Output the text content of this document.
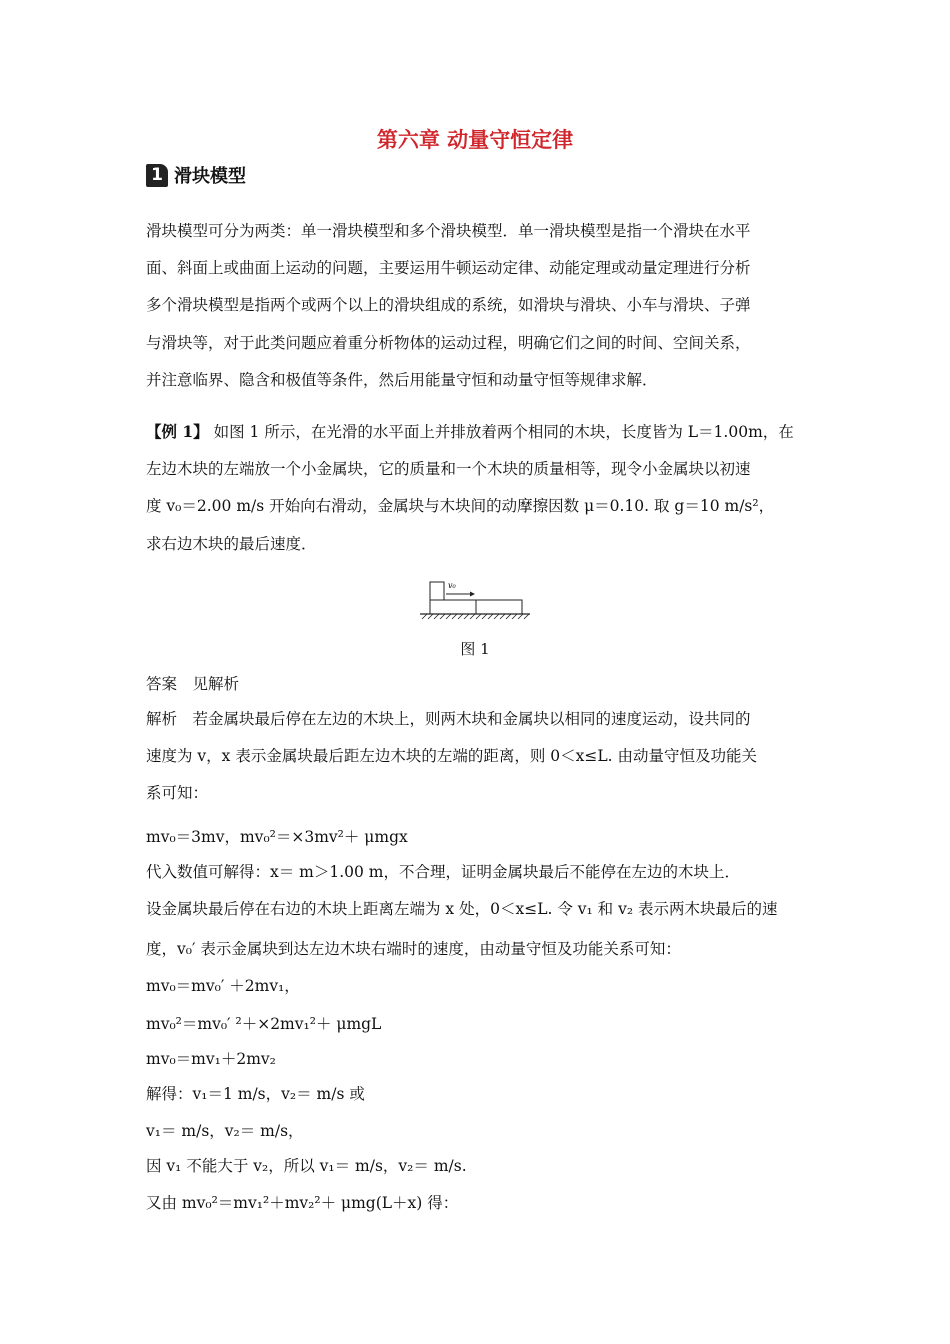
第六章 动量守恒定律
1 滑块模型
滑块模型可分为两类：单一滑块模型和多个滑块模型．单一滑块模型是指一个滑块在水平
面、斜面上或曲面上运动的问题，主要运用牛顿运动定律、动能定理或动量定理进行分析
多个滑块模型是指两个或两个以上的滑块组成的系统，如滑块与滑块、小车与滑块、子弹
与滑块等，对于此类问题应着重分析物体的运动过程，明确它们之间的时间、空间关系，
并注意临界、隐含和极值等条件，然后用能量守恒和动量守恒等规律求解．
【例 1】 如图 1 所示，在光滑的水平面上并排放着两个相同的木块，长度皆为 L＝1.00m，在
左边木块的左端放一个小金属块，它的质量和一个木块的质量相等，现令小金属块以初速
度 v₀＝2.00 m/s 开始向右滑动，金属块与木块间的动摩擦因数 μ＝0.10. 取 g＝10 m/s²，
求右边木块的最后速度．
v₀
图 1
答案　见解析
解析　若金属块最后停在左边的木块上，则两木块和金属块以相同的速度运动，设共同的
速度为 v，x 表示金属块最后距左边木块的左端的距离，则 0＜x≤L. 由动量守恒及功能关
系可知：
mv₀＝3mv，mv₀²＝×3mv²＋ μmgx
代入数值可解得：x＝ m＞1.00 m，不合理，证明金属块最后不能停在左边的木块上．
设金属块最后停在右边的木块上距离左端为 x 处，0＜x≤L. 令 v₁ 和 v₂ 表示两木块最后的速
度，v₀′ 表示金属块到达左边木块右端时的速度，由动量守恒及功能关系可知：
mv₀＝mv₀′ ＋2mv₁，
mv₀²＝mv₀′ ²＋×2mv₁²＋ μmgL
mv₀＝mv₁＋2mv₂
解得：v₁＝1 m/s，v₂＝ m/s 或
v₁＝ m/s，v₂＝ m/s，
因 v₁ 不能大于 v₂，所以 v₁＝ m/s，v₂＝ m/s.
又由 mv₀²＝mv₁²＋mv₂²＋ μmg(L＋x) 得：
